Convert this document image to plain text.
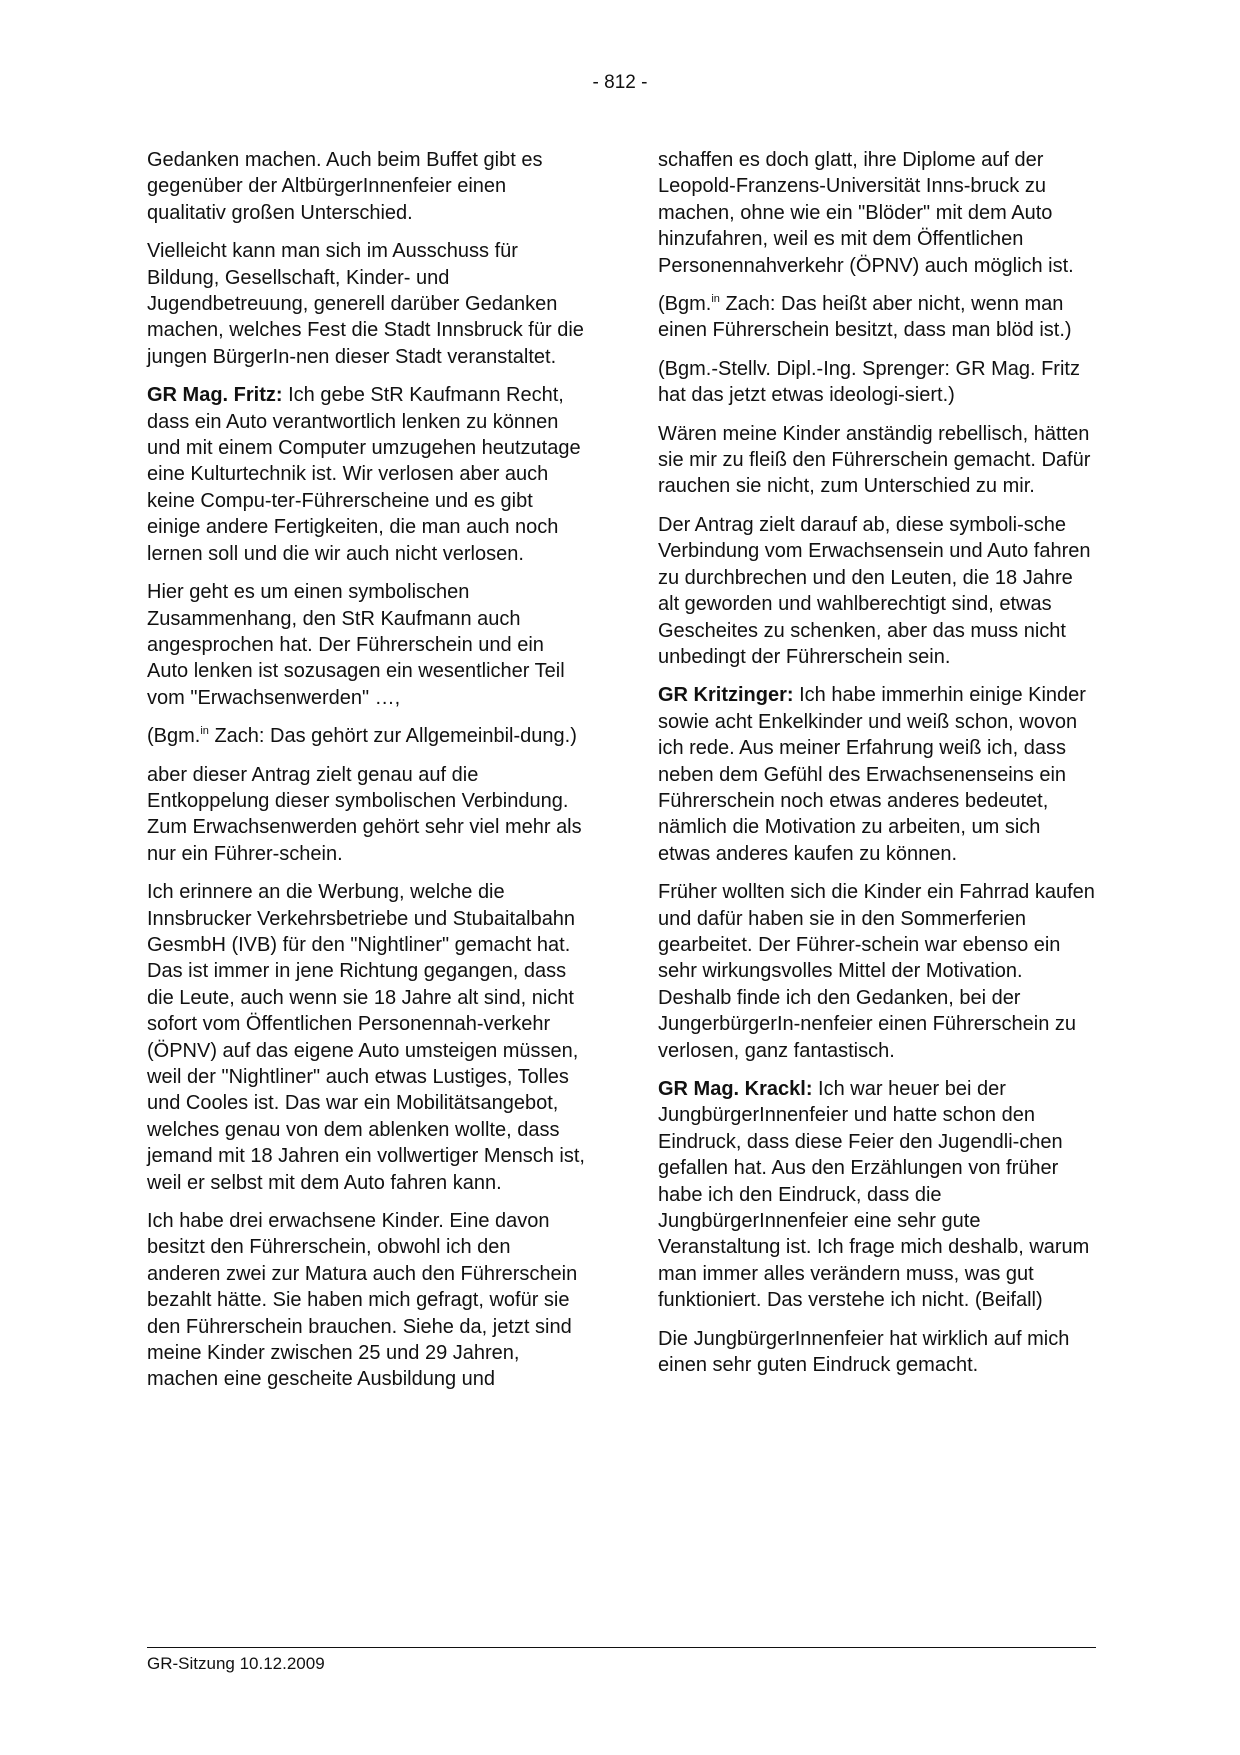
- 812 -

Gedanken machen. Auch beim Buffet gibt es gegenüber der AltbürgerInnenfeier einen qualitativ großen Unterschied.

Vielleicht kann man sich im Ausschuss für Bildung, Gesellschaft, Kinder- und Jugendbetreuung, generell darüber Gedanken machen, welches Fest die Stadt Innsbruck für die jungen BürgerIn-nen dieser Stadt veranstaltet.

GR Mag. Fritz: Ich gebe StR Kaufmann Recht, dass ein Auto verantwortlich lenken zu können und mit einem Computer umzugehen heutzutage eine Kulturtechnik ist. Wir verlosen aber auch keine Compu-ter-Führerscheine und es gibt einige andere Fertigkeiten, die man auch noch lernen soll und die wir auch nicht verlosen.

Hier geht es um einen symbolischen Zusammenhang, den StR Kaufmann auch angesprochen hat. Der Führerschein und ein Auto lenken ist sozusagen ein wesentlicher Teil vom "Erwachsenwerden" …,

(Bgm.$^{in}$ Zach: Das gehört zur Allgemeinbil-dung.)

aber dieser Antrag zielt genau auf die Entkoppelung dieser symbolischen Verbindung. Zum Erwachsenwerden gehört sehr viel mehr als nur ein Führer-schein.

Ich erinnere an die Werbung, welche die Innsbrucker Verkehrsbetriebe und Stubaitalbahn GesmbH (IVB) für den "Nightliner" gemacht hat. Das ist immer in jene Richtung gegangen, dass die Leute, auch wenn sie 18 Jahre alt sind, nicht sofort vom Öffentlichen Personennah-verkehr (ÖPNV) auf das eigene Auto umsteigen müssen, weil der "Nightliner" auch etwas Lustiges, Tolles und Cooles ist. Das war ein Mobilitätsangebot, welches genau von dem ablenken wollte, dass jemand mit 18 Jahren ein vollwertiger Mensch ist, weil er selbst mit dem Auto fahren kann.

Ich habe drei erwachsene Kinder. Eine davon besitzt den Führerschein, obwohl ich den anderen zwei zur Matura auch den Führerschein bezahlt hätte. Sie haben mich gefragt, wofür sie den Führerschein brauchen. Siehe da, jetzt sind meine Kinder zwischen 25 und 29 Jahren, machen eine gescheite Ausbildung und

schaffen es doch glatt, ihre Diplome auf der Leopold-Franzens-Universität Inns-bruck zu machen, ohne wie ein "Blöder" mit dem Auto hinzufahren, weil es mit dem Öffentlichen Personennahverkehr (ÖPNV) auch möglich ist.

(Bgm.$^{in}$ Zach: Das heißt aber nicht, wenn man einen Führerschein besitzt, dass man blöd ist.)

(Bgm.-Stellv. Dipl.-Ing. Sprenger: GR Mag. Fritz hat das jetzt etwas ideologi-siert.)

Wären meine Kinder anständig rebellisch, hätten sie mir zu fleiß den Führerschein gemacht. Dafür rauchen sie nicht, zum Unterschied zu mir.

Der Antrag zielt darauf ab, diese symboli-sche Verbindung vom Erwachsensein und Auto fahren zu durchbrechen und den Leuten, die 18 Jahre alt geworden und wahlberechtigt sind, etwas Gescheites zu schenken, aber das muss nicht unbedingt der Führerschein sein.

GR Kritzinger: Ich habe immerhin einige Kinder sowie acht Enkelkinder und weiß schon, wovon ich rede. Aus meiner Erfahrung weiß ich, dass neben dem Gefühl des Erwachsenenseins ein Führerschein noch etwas anderes bedeutet, nämlich die Motivation zu arbeiten, um sich etwas anderes kaufen zu können.

Früher wollten sich die Kinder ein Fahrrad kaufen und dafür haben sie in den Sommerferien gearbeitet. Der Führer-schein war ebenso ein sehr wirkungsvolles Mittel der Motivation. Deshalb finde ich den Gedanken, bei der JungerbürgerIn-nenfeier einen Führerschein zu verlosen, ganz fantastisch.

GR Mag. Krackl: Ich war heuer bei der JungbürgerInnenfeier und hatte schon den Eindruck, dass diese Feier den Jugendli-chen gefallen hat. Aus den Erzählungen von früher habe ich den Eindruck, dass die JungbürgerInnenfeier eine sehr gute Veranstaltung ist. Ich frage mich deshalb, warum man immer alles verändern muss, was gut funktioniert. Das verstehe ich nicht. (Beifall)

Die JungbürgerInnenfeier hat wirklich auf mich einen sehr guten Eindruck gemacht.

GR-Sitzung 10.12.2009
